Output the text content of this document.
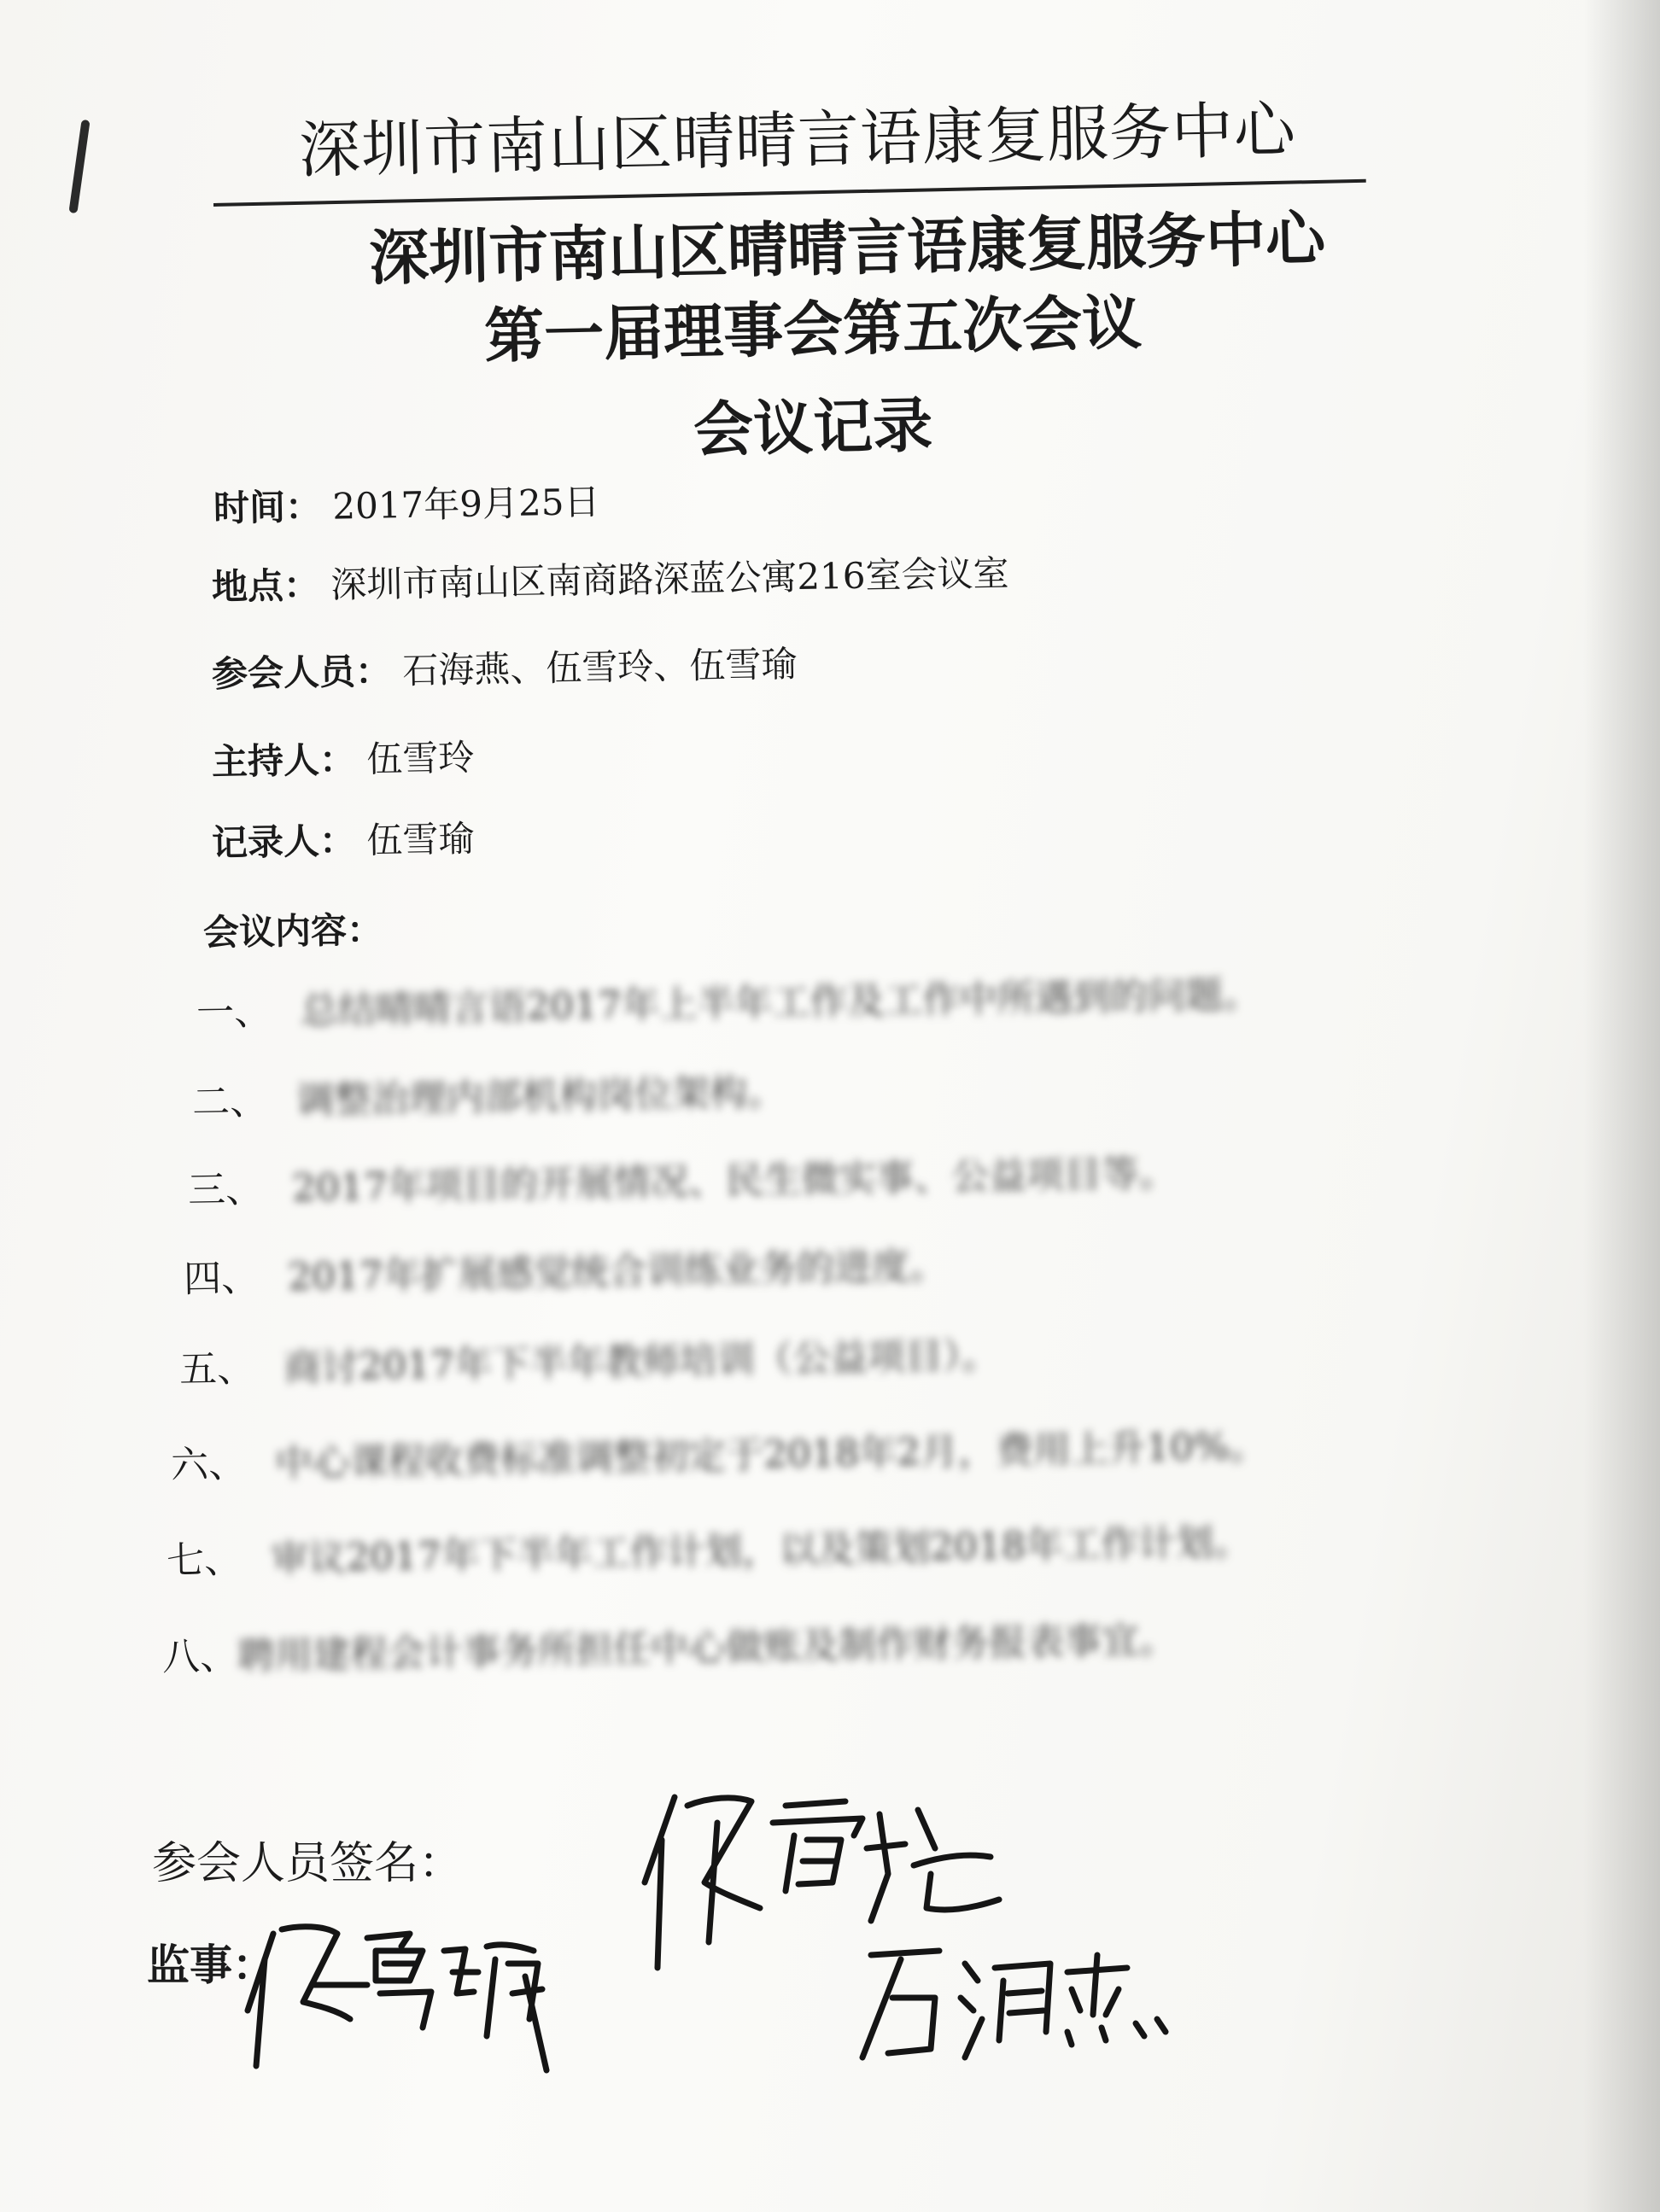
深圳市南山区晴晴言语康复服务中心
深圳市南山区晴晴言语康复服务中心
第一届理事会第五次会议
会议记录
时间： 2017年9月25日
地点： 深圳市南山区南商路深蓝公寓216室会议室
参会人员： 石海燕、伍雪玲、伍雪瑜
主持人： 伍雪玲
记录人： 伍雪瑜
会议内容：
一、 总结晴晴言语2017年上半年工作及工作中所遇到的问题。
二、 调整治理内部机构岗位架构。
三、 2017年项目的开展情况、民生微实事、公益项目等。
四、 2017年扩展感觉统合训练业务的进度。
五、 商讨2017年下半年教师培训（公益项目）。
六、 中心课程收费标准调整初定于2018年2月，费用上升10%。
七、 审议2017年下半年工作计划，以及策划2018年工作计划。
八、聘用建程会计事务所担任中心做账及制作财务报表事宜。
参会人员签名：
监事：
